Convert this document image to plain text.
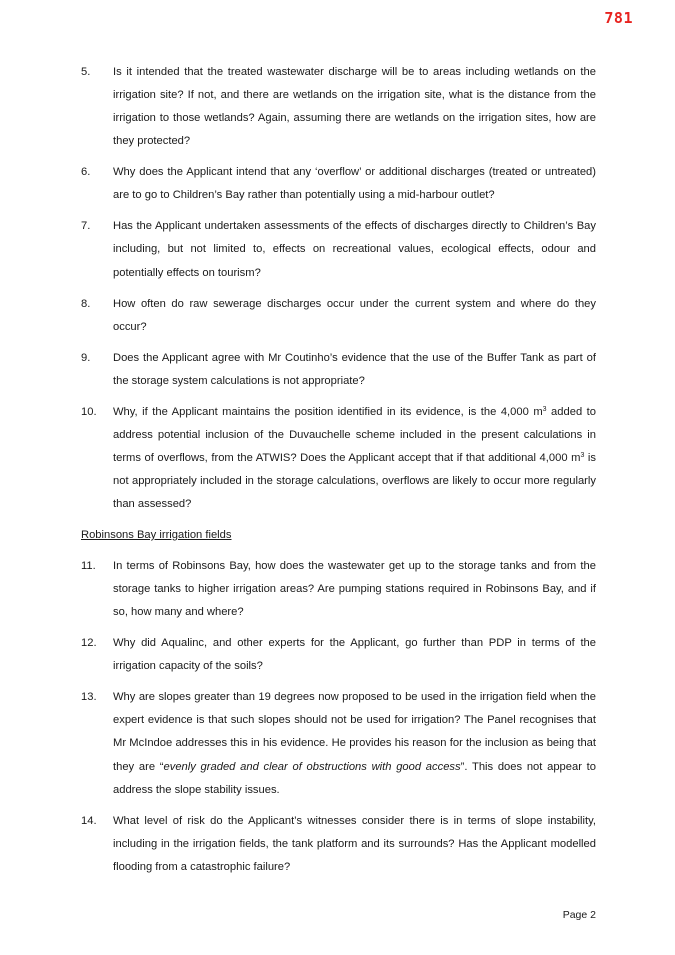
781
5.	Is it intended that the treated wastewater discharge will be to areas including wetlands on the irrigation site? If not, and there are wetlands on the irrigation site, what is the distance from the irrigation to those wetlands? Again, assuming there are wetlands on the irrigation sites, how are they protected?
6.	Why does the Applicant intend that any ‘overflow’ or additional discharges (treated or untreated) are to go to Children’s Bay rather than potentially using a mid-harbour outlet?
7.	Has the Applicant undertaken assessments of the effects of discharges directly to Children’s Bay including, but not limited to, effects on recreational values, ecological effects, odour and potentially effects on tourism?
8.	How often do raw sewerage discharges occur under the current system and where do they occur?
9.	Does the Applicant agree with Mr Coutinho’s evidence that the use of the Buffer Tank as part of the storage system calculations is not appropriate?
10.	Why, if the Applicant maintains the position identified in its evidence, is the 4,000 $m^3$ added to address potential inclusion of the Duvauchelle scheme included in the present calculations in terms of overflows, from the ATWIS? Does the Applicant accept that if that additional 4,000 $m^3$ is not appropriately included in the storage calculations, overflows are likely to occur more regularly than assessed?
Robinsons Bay irrigation fields
11.	In terms of Robinsons Bay, how does the wastewater get up to the storage tanks and from the storage tanks to higher irrigation areas? Are pumping stations required in Robinsons Bay, and if so, how many and where?
12.	Why did Aqualinc, and other experts for the Applicant, go further than PDP in terms of the irrigation capacity of the soils?
13.	Why are slopes greater than 19 degrees now proposed to be used in the irrigation field when the expert evidence is that such slopes should not be used for irrigation? The Panel recognises that Mr McIndoe addresses this in his evidence. He provides his reason for the inclusion as being that they are “evenly graded and clear of obstructions with good access”. This does not appear to address the slope stability issues.
14.	What level of risk do the Applicant’s witnesses consider there is in terms of slope instability, including in the irrigation fields, the tank platform and its surrounds? Has the Applicant modelled flooding from a catastrophic failure?
Page 2
